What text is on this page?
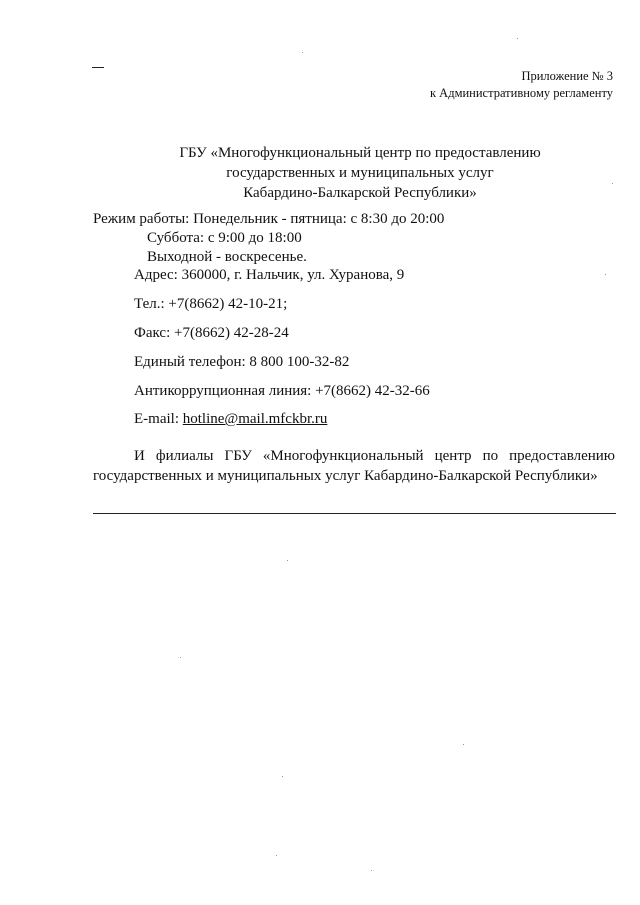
Приложение № 3
к Административному регламенту
ГБУ «Многофункциональный центр по предоставлению
государственных и муниципальных услуг
Кабардино-Балкарской Республики»
Режим работы: Понедельник - пятница: с 8:30 до 20:00
Суббота: с 9:00 до 18:00
Выходной - воскресенье.
Адрес: 360000, г. Нальчик, ул. Хуранова, 9
Тел.: +7(8662) 42-10-21;
Факс: +7(8662) 42-28-24
Единый телефон: 8 800 100-32-82
Антикоррупционная линия: +7(8662) 42-32-66
E-mail: hotline@mail.mfckbr.ru
И филиалы ГБУ «Многофункциональный центр по предоставлению государственных и муниципальных услуг Кабардино-Балкарской Республики»
